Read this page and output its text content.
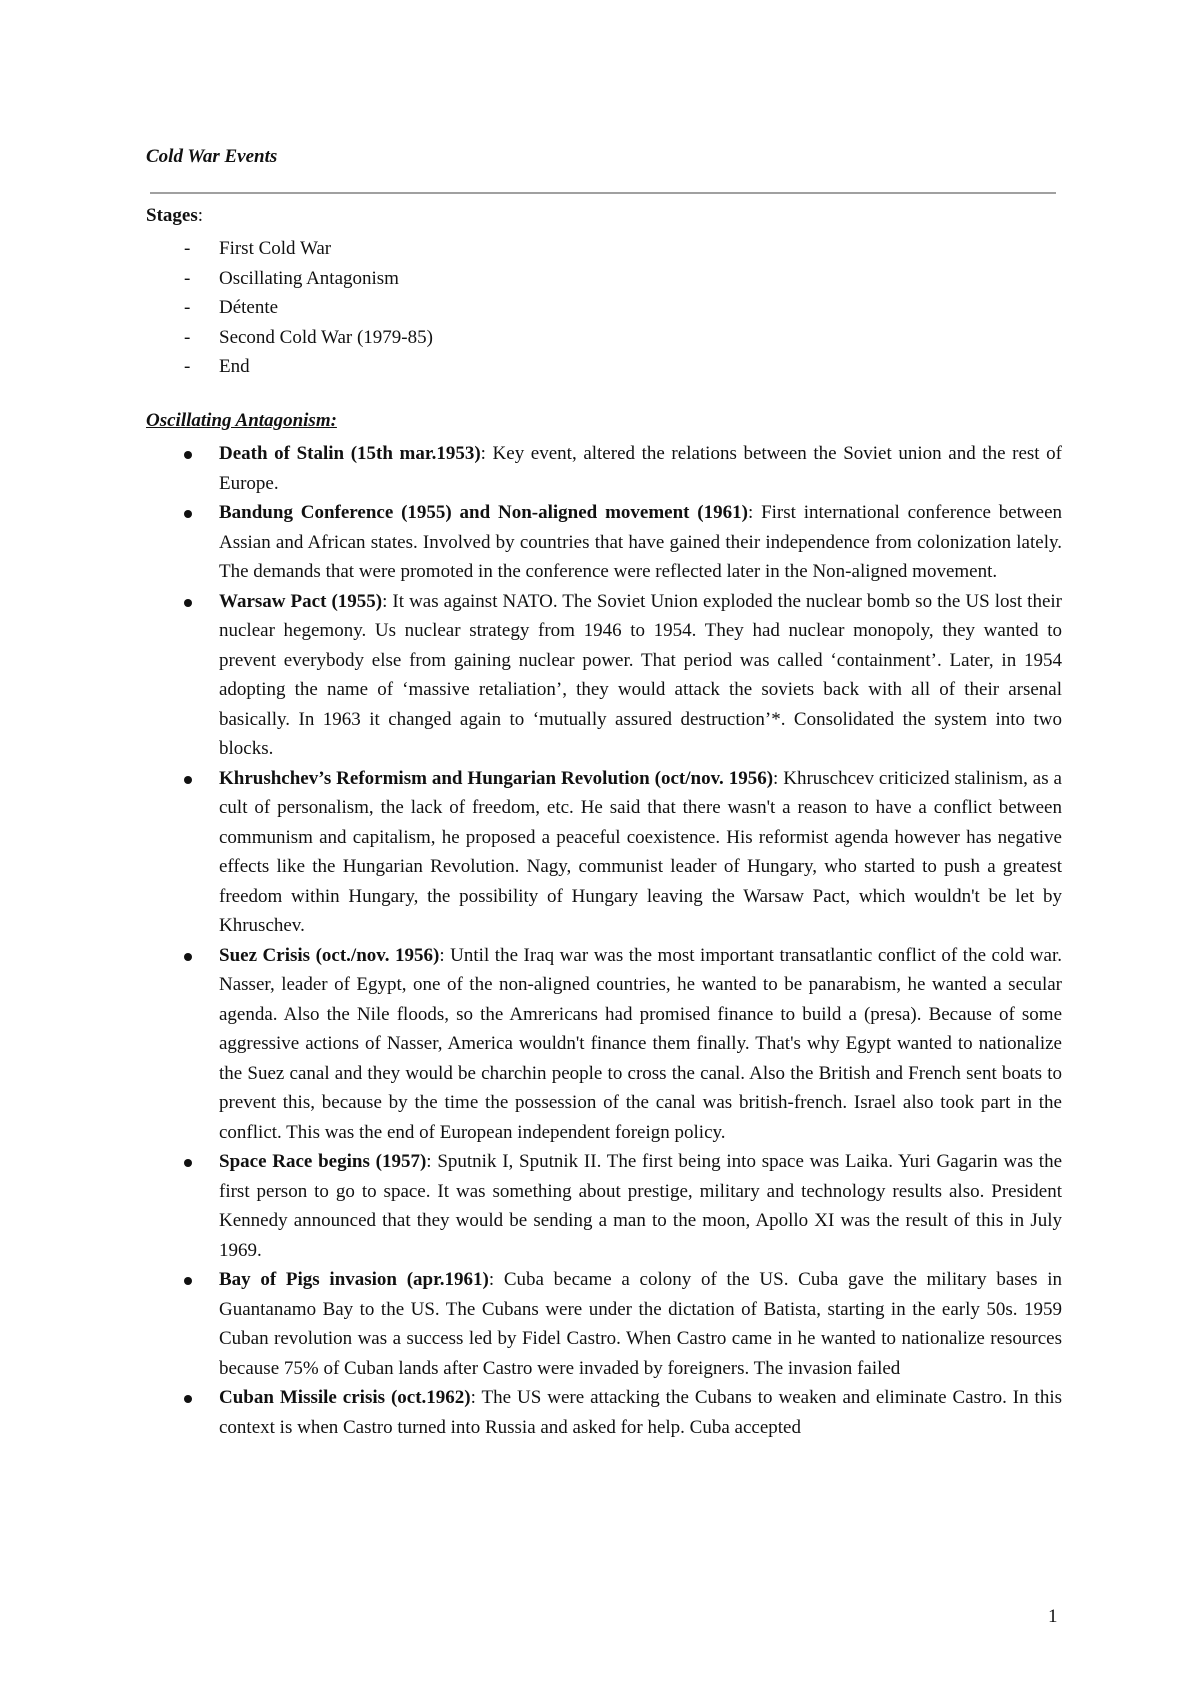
Cold War Events
Stages:
-	First Cold War
-	Oscillating Antagonism
-	Détente
-	Second Cold War (1979-85)
-	End
Oscillating Antagonism:
Death of Stalin (15th mar.1953): Key event, altered the relations between the Soviet union and the rest of Europe.
Bandung Conference (1955) and Non-aligned movement (1961): First international conference between Assian and African states. Involved by countries that have gained their independence from colonization lately. The demands that were promoted in the conference were reflected later in the Non-aligned movement.
Warsaw Pact (1955): It was against NATO. The Soviet Union exploded the nuclear bomb so the US lost their nuclear hegemony. Us nuclear strategy from 1946 to 1954. They had nuclear monopoly, they wanted to prevent everybody else from gaining nuclear power. That period was called ‘containment’. Later, in 1954 adopting the name of ‘massive retaliation’, they would attack the soviets back with all of their arsenal basically. In 1963 it changed again to ‘mutually assured destruction’*. Consolidated the system into two blocks.
Khrushchev’s Reformism and Hungarian Revolution (oct/nov. 1956): Khruschcev criticized stalinism, as a cult of personalism, the lack of freedom, etc. He said that there wasn't a reason to have a conflict between communism and capitalism, he proposed a peaceful coexistence. His reformist agenda however has negative effects like the Hungarian Revolution. Nagy, communist leader of Hungary, who started to push a greatest freedom within Hungary, the possibility of Hungary leaving the Warsaw Pact, which wouldn't be let by Khruschev.
Suez Crisis (oct./nov. 1956): Until the Iraq war was the most important transatlantic conflict of the cold war. Nasser, leader of Egypt, one of the non-aligned countries, he wanted to be panarabism, he wanted a secular agenda. Also the Nile floods, so the Amrericans had promised finance to build a (presa). Because of some aggressive actions of Nasser, America wouldn't finance them finally. That's why Egypt wanted to nationalize the Suez canal and they would be charchin people to cross the canal. Also the British and French sent boats to prevent this, because by the time the possession of the canal was british-french. Israel also took part in the conflict. This was the end of European independent foreign policy.
Space Race begins (1957): Sputnik I, Sputnik II. The first being into space was Laika. Yuri Gagarin was the first person to go to space. It was something about prestige, military and technology results also. President Kennedy announced that they would be sending a man to the moon, Apollo XI was the result of this in July 1969.
Bay of Pigs invasion (apr.1961): Cuba became a colony of the US. Cuba gave the military bases in Guantanamo Bay to the US. The Cubans were under the dictation of Batista, starting in the early 50s. 1959 Cuban revolution was a success led by Fidel Castro. When Castro came in he wanted to nationalize resources because 75% of Cuban lands after Castro were invaded by foreigners. The invasion failed
Cuban Missile crisis (oct.1962): The US were attacking the Cubans to weaken and eliminate Castro. In this context is when Castro turned into Russia and asked for help. Cuba accepted
1
